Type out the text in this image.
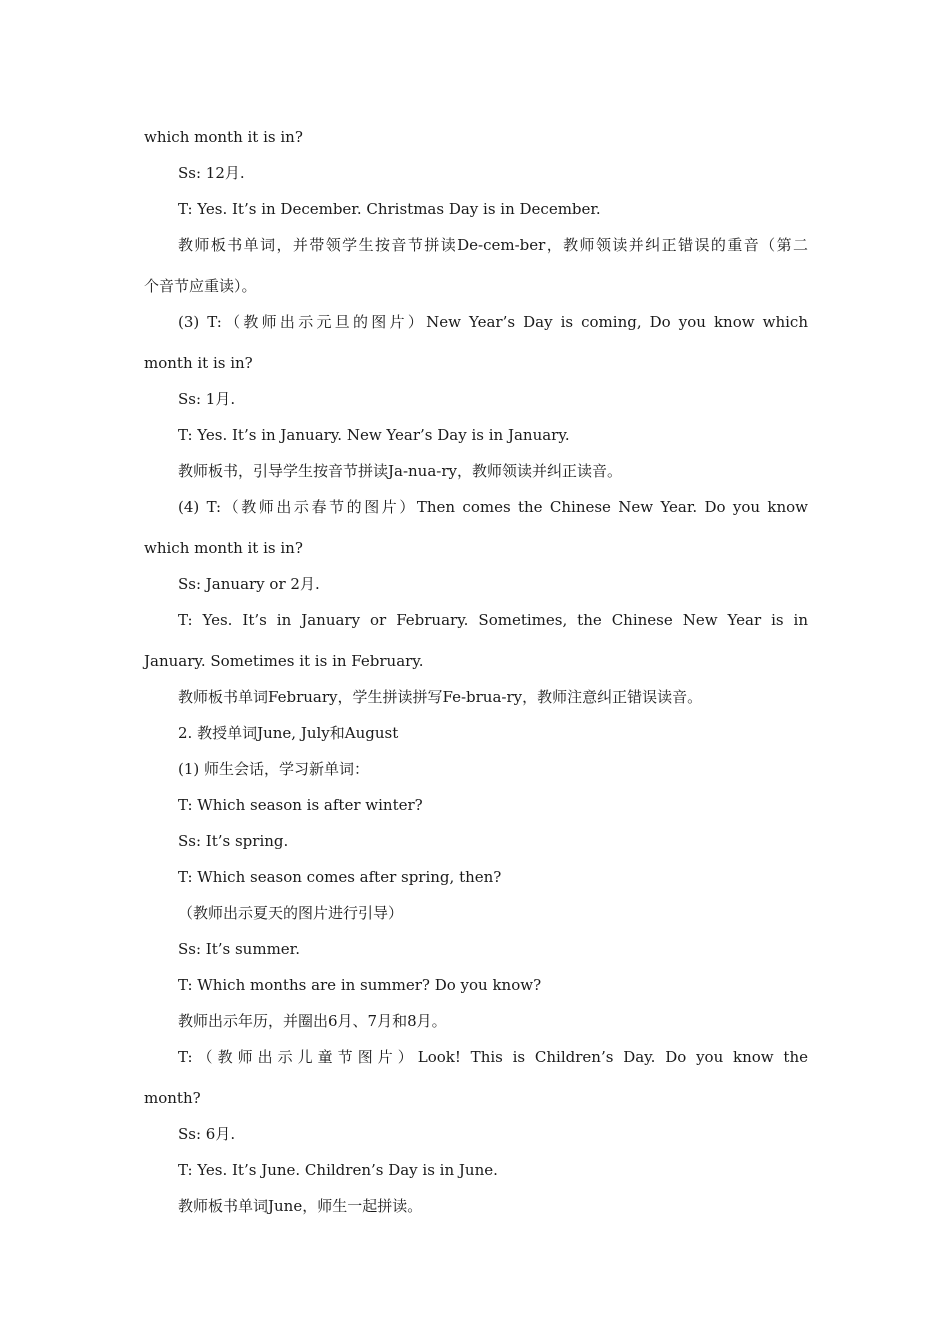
which month it is in?
Ss: 12月.
T: Yes. It’s in December. Christmas Day is in December.
教师板书单词，并带领学生按音节拼读De-cem-ber，教师领读并纠正错误的重音（第二
个音节应重读）。
(3) T:（教师出示元旦的图片）New Year’s Day is coming, Do you know which
month it is in?
Ss: 1月.
T: Yes. It’s in January. New Year’s Day is in January.
教师板书，引导学生按音节拼读Ja-nua-ry，教师领读并纠正读音。
(4) T:（教师出示春节的图片）Then comes the Chinese New Year. Do you know
which month it is in?
Ss: January or 2月.
T: Yes. It’s in January or February. Sometimes, the Chinese New Year is in
January. Sometimes it is in February.
教师板书单词February，学生拼读拼写Fe-brua-ry，教师注意纠正错误读音。
2. 教授单词June, July和August
(1) 师生会话，学习新单词：
T: Which season is after winter?
Ss: It’s spring.
T: Which season comes after spring, then?
（教师出示夏天的图片进行引导）
Ss: It’s summer.
T: Which months are in summer? Do you know?
教师出示年历，并圈出6月、7月和8月。
T:（教师出示儿童节图片）Look! This is Children’s Day. Do you know the
month?
Ss: 6月.
T: Yes. It’s June. Children’s Day is in June.
教师板书单词June，师生一起拼读。
